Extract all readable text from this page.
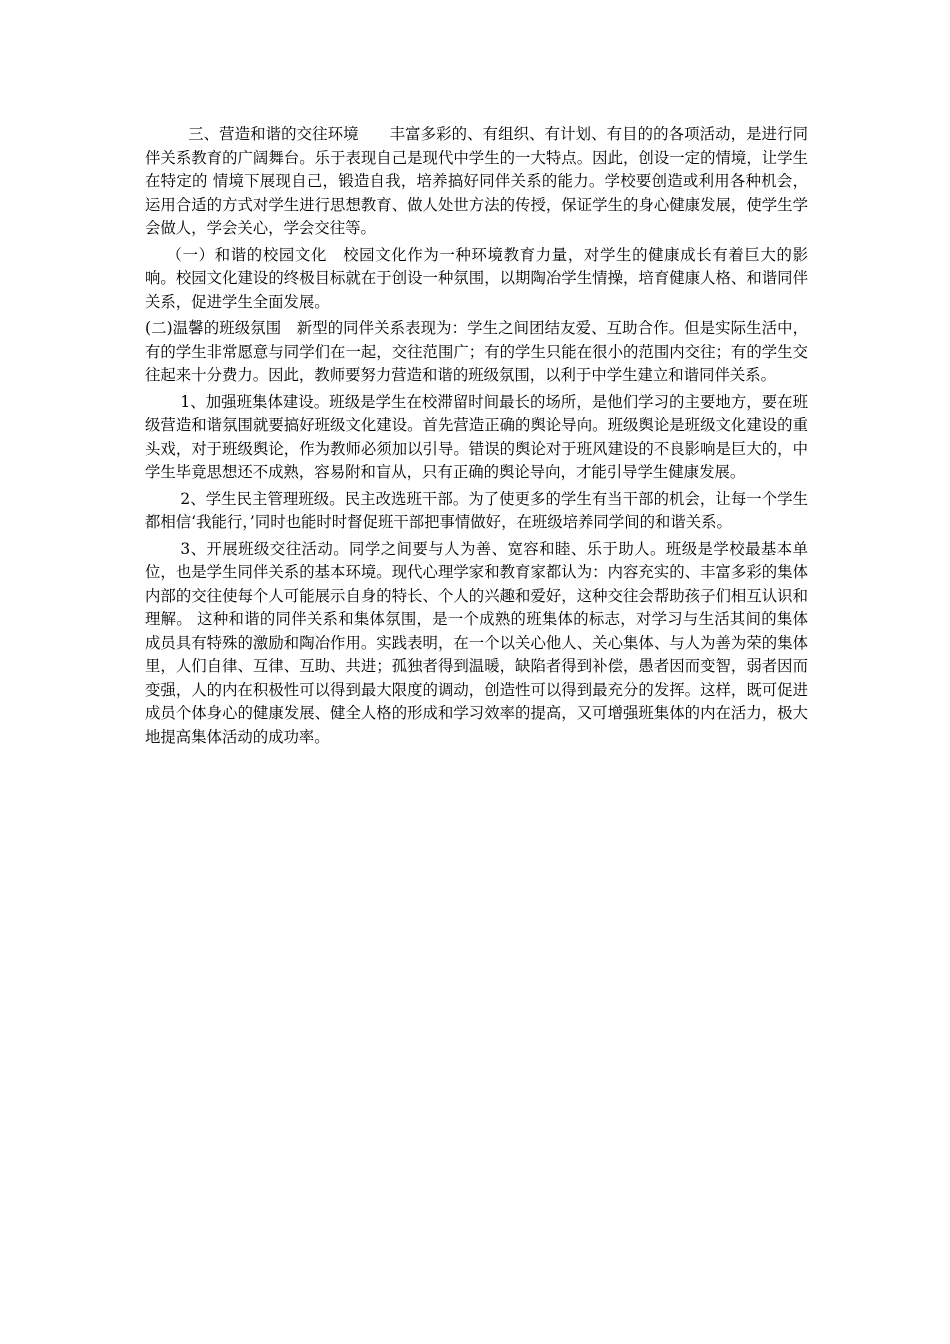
三、营造和谐的交往环境　　丰富多彩的、有组织、有计划、有目的的各项活动，是进行同伴关系教育的广阔舞台。乐于表现自己是现代中学生的一大特点。因此，创设一定的情境，让学生在特定的 情境下展现自己，锻造自我，培养搞好同伴关系的能力。学校要创造或利用各种机会，运用合适的方式对学生进行思想教育、做人处世方法的传授，保证学生的身心健康发展，使学生学会做人，学会关心，学会交往等。

（一）和谐的校园文化　校园文化作为一种环境教育力量，对学生的健康成长有着巨大的影响。校园文化建设的终极目标就在于创设一种氛围，以期陶冶学生情操，培育健康人格、和谐同伴关系，促进学生全面发展。

(二)温馨的班级氛围　新型的同伴关系表现为：学生之间团结友爱、互助合作。但是实际生活中，有的学生非常愿意与同学们在一起，交往范围广；有的学生只能在很小的范围内交往；有的学生交往起来十分费力。因此，教师要努力营造和谐的班级氛围，以利于中学生建立和谐同伴关系。

1、加强班集体建设。班级是学生在校滞留时间最长的场所，是他们学习的主要地方，要在班级营造和谐氛围就要搞好班级文化建设。首先营造正确的舆论导向。班级舆论是班级文化建设的重头戏，对于班级舆论，作为教师必须加以引导。错误的舆论对于班风建设的不良影响是巨大的，中学生毕竟思想还不成熟，容易附和盲从，只有正确的舆论导向，才能引导学生健康发展。

2、学生民主管理班级。民主改选班干部。为了使更多的学生有当干部的机会，让每一个学生都相信‘我能行，’同时也能时时督促班干部把事情做好，在班级培养同学间的和谐关系。

3、开展班级交往活动。同学之间要与人为善、宽容和睦、乐于助人。班级是学校最基本单位，也是学生同伴关系的基本环境。现代心理学家和教育家都认为：内容充实的、丰富多彩的集体内部的交往使每个人可能展示自身的特长、个人的兴趣和爱好，这种交往会帮助孩子们相互认识和理解。 这种和谐的同伴关系和集体氛围，是一个成熟的班集体的标志，对学习与生活其间的集体成员具有特殊的激励和陶冶作用。实践表明，在一个以关心他人、关心集体、与人为善为荣的集体里，人们自律、互律、互助、共进；孤独者得到温暖，缺陷者得到补偿，愚者因而变智，弱者因而变强，人的内在积极性可以得到最大限度的调动，创造性可以得到最充分的发挥。这样，既可促进成员个体身心的健康发展、健全人格的形成和学习效率的提高，又可增强班集体的内在活力，极大地提高集体活动的成功率。
